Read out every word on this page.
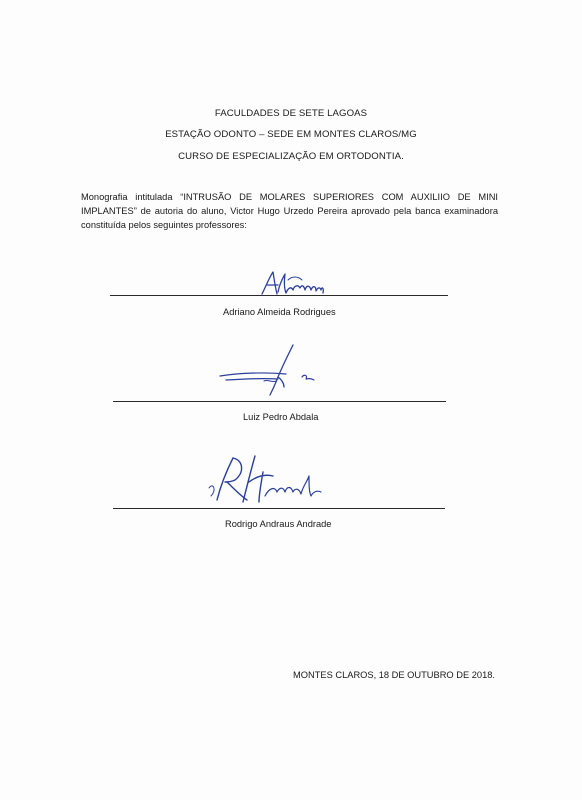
FACULDADES DE SETE LAGOAS
ESTAÇÃO ODONTO – SEDE EM MONTES CLAROS/MG
CURSO DE ESPECIALIZAÇÃO EM ORTODONTIA.
Monografia intitulada “INTRUSÃO DE MOLARES SUPERIORES COM AUXILIIO DE MINI IMPLANTES” de autoria do aluno, Victor Hugo Urzedo Pereira aprovado pela banca examinadora constituída pelos seguintes professores:
Adriano Almeida Rodrigues
Luiz Pedro Abdala
Rodrigo Andraus Andrade
MONTES CLAROS, 18 DE OUTUBRO DE 2018.
